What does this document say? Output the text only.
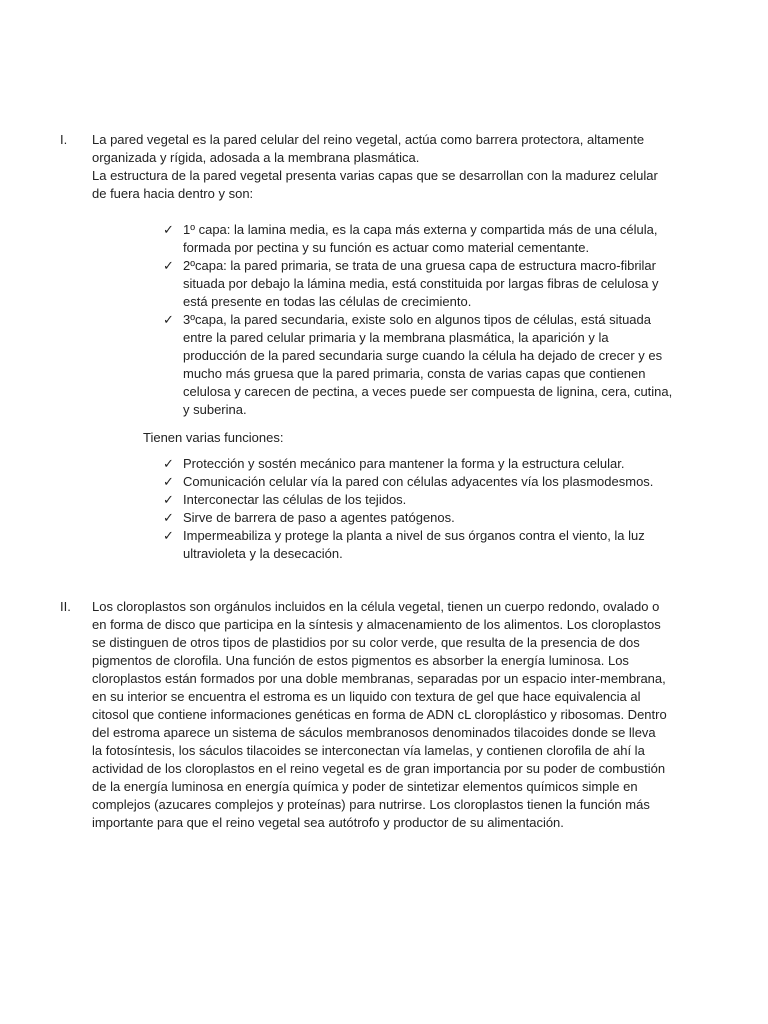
I.	La pared vegetal es la pared celular del reino vegetal, actúa como barrera protectora, altamente
organizada y rígida, adosada a la membrana plasmática.
La estructura de la pared vegetal presenta varias capas que se desarrollan con la madurez celular
de fuera hacia dentro y son:

✓ 1º capa: la lamina media, es la capa más externa y compartida más de una célula,
formada por pectina y su función es actuar como material cementante.
✓ 2ºcapa: la pared primaria, se trata de una gruesa capa de estructura macro-fibrilar
situada por debajo la lámina media, está constituida por largas fibras de celulosa y
está presente en todas las células de crecimiento.
✓ 3ºcapa, la pared secundaria, existe solo en algunos tipos de células, está situada
entre la pared celular primaria y la membrana plasmática, la aparición y la
producción de la pared secundaria surge cuando la célula ha dejado de crecer y es
mucho más gruesa que la pared primaria, consta de varias capas que contienen
celulosa y carecen de pectina, a veces puede ser compuesta de lignina, cera, cutina,
y suberina.

Tienen varias funciones:

✓ Protección y sostén mecánico para mantener la forma y la estructura celular.
✓ Comunicación celular vía la pared con células adyacentes vía los plasmodesmos.
✓ Interconectar las células de los tejidos.
✓ Sirve de barrera de paso a agentes patógenos.
✓ Impermeabiliza y protege la planta a nivel de sus órganos contra el viento, la luz
ultravioleta y la desecación.
II.	Los cloroplastos son orgánulos incluidos en la célula vegetal, tienen un cuerpo redondo, ovalado o
en forma de disco que participa en la síntesis y almacenamiento de los alimentos. Los cloroplastos
se distinguen de otros tipos de plastidios por su color verde, que resulta de la presencia de dos
pigmentos de clorofila. Una función de estos pigmentos es absorber la energía luminosa. Los
cloroplastos están formados por una doble membranas, separadas por un espacio inter-membrana,
en su interior se encuentra el estroma es un liquido con textura de gel que hace equivalencia al
citosol que contiene informaciones genéticas en forma de ADN cL cloroplástico y ribosomas. Dentro
del estroma aparece un sistema de sáculos membranosos denominados tilacoides donde se lleva
la fotosíntesis, los sáculos tilacoides se interconectan vía lamelas, y contienen clorofila de ahí la
actividad de los cloroplastos en el reino vegetal es de gran importancia por su poder de combustión
de la energía luminosa en energía química y poder de sintetizar elementos químicos simple en
complejos (azucares complejos y proteínas) para nutrirse. Los cloroplastos tienen la función más
importante para que el reino vegetal sea autótrofo y productor de su alimentación.
